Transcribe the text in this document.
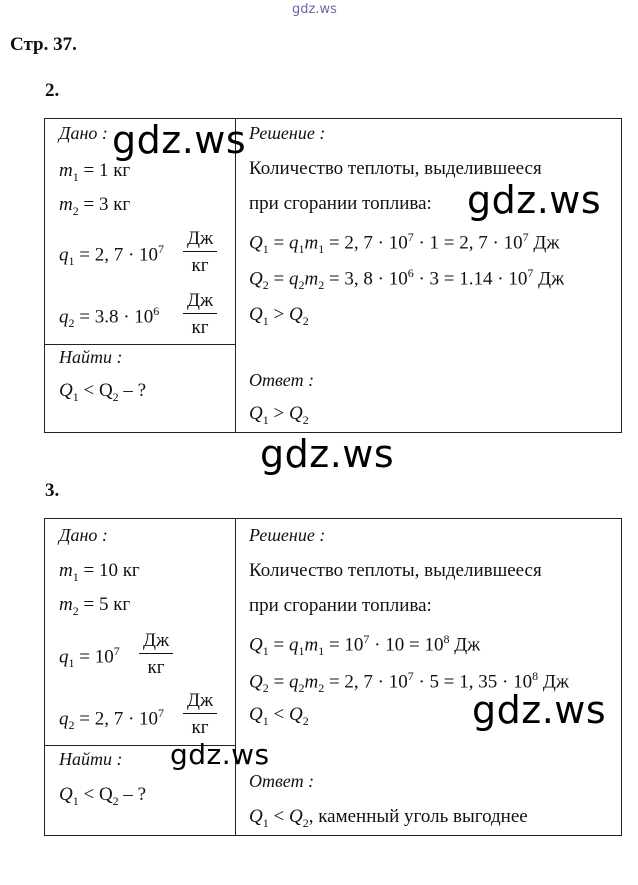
gdz.ws
Стр. 37.
2.
Дано :
$m_1 = 1$ кг
$m_2 = 3$ кг
$q_1 = 2$, $7 \cdot 10^7$ Дж
кг
$q_2 = 3.8 \cdot 10^6$ Дж
кг
Найти :
$Q_1 < Q_2$ – ?
Решение :
Количество теплоты, выделившееся
при сгорании топлива:
$Q_1 = q_1m_1 = 2$, $7 \cdot 10^7 \cdot 1 = 2$, $7 \cdot 10^7$ Дж
$Q_2 = q_2m_2 = 3$, $8 \cdot 10^6 \cdot 3 = 1.14 \cdot 10^7$ Дж
$Q_1 > Q_2$
Ответ :
$Q_1 > Q_2$
gdz.ws
gdz.ws
gdz.ws
3.
Дано :
$m_1 = 10$ кг
$m_2 = 5$ кг
$q_1 = 10^7$ Дж
кг
$q_2 = 2$, $7 \cdot 10^7$
Дж
кг
Найти :
$Q_1 < Q_2$ – ?
Решение :
Количество теплоты, выделившееся
при сгорании топлива:
$Q_1 = q_1m_1 = 10^7 \cdot 10 = 10^8$ Дж
$Q_2 = q_2m_2 = 2$, $7 \cdot 10^7 \cdot 5 = 1$, $35 \cdot 10^8$ Дж
$Q_1 < Q_2$
Ответ :
$Q_1 < Q_2$, каменный уголь выгоднее
gdz.ws
gdz.ws
